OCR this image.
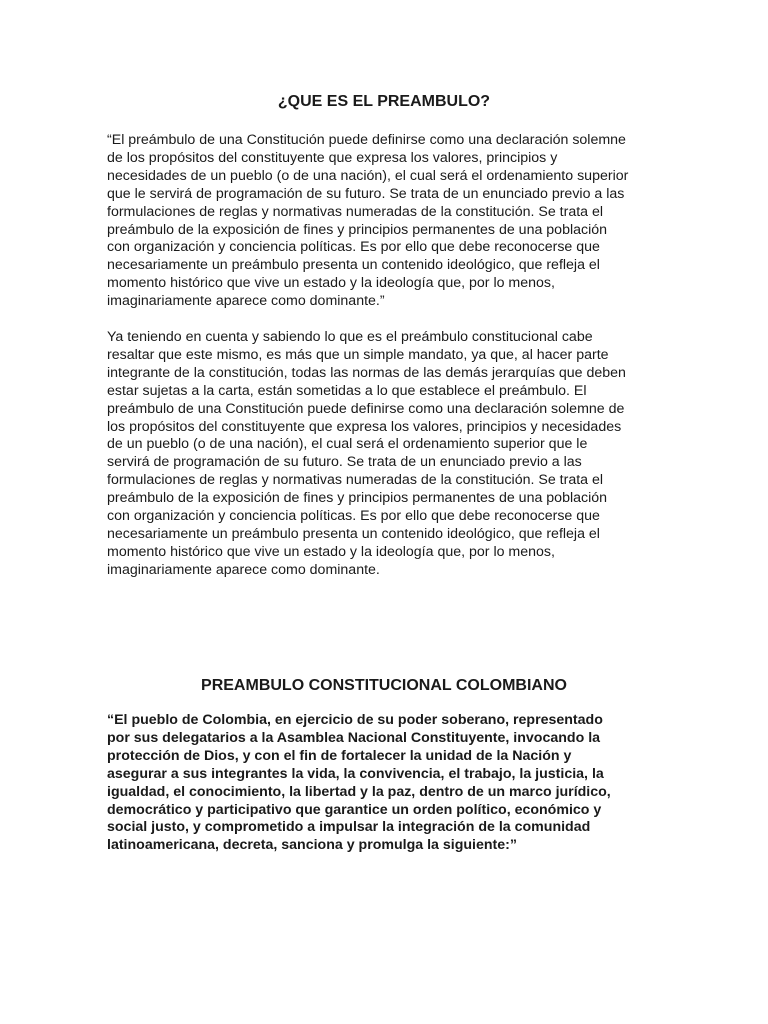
¿QUE ES EL PREAMBULO?

“El preámbulo de una Constitución puede definirse como una declaración solemne
de los propósitos del constituyente que expresa los valores, principios y
necesidades de un pueblo (o de una nación), el cual será el ordenamiento superior
que le servirá de programación de su futuro. Se trata de un enunciado previo a las
formulaciones de reglas y normativas numeradas de la constitución. Se trata el
preámbulo de la exposición de fines y principios permanentes de una población
con organización y conciencia políticas. Es por ello que debe reconocerse que
necesariamente un preámbulo presenta un contenido ideológico, que refleja el
momento histórico que vive un estado y la ideología que, por lo menos,
imaginariamente aparece como dominante.”

Ya teniendo en cuenta y sabiendo lo que es el preámbulo constitucional cabe
resaltar que este mismo, es más que un simple mandato, ya que, al hacer parte
integrante de la constitución, todas las normas de las demás jerarquías que deben
estar sujetas a la carta, están sometidas a lo que establece el preámbulo. El
preámbulo de una Constitución puede definirse como una declaración solemne de
los propósitos del constituyente que expresa los valores, principios y necesidades
de un pueblo (o de una nación), el cual será el ordenamiento superior que le
servirá de programación de su futuro. Se trata de un enunciado previo a las
formulaciones de reglas y normativas numeradas de la constitución. Se trata el
preámbulo de la exposición de fines y principios permanentes de una población
con organización y conciencia políticas. Es por ello que debe reconocerse que
necesariamente un preámbulo presenta un contenido ideológico, que refleja el
momento histórico que vive un estado y la ideología que, por lo menos,
imaginariamente aparece como dominante.

PREAMBULO CONSTITUCIONAL COLOMBIANO

“El pueblo de Colombia, en ejercicio de su poder soberano, representado
por sus delegatarios a la Asamblea Nacional Constituyente, invocando la
protección de Dios, y con el fin de fortalecer la unidad de la Nación y
asegurar a sus integrantes la vida, la convivencia, el trabajo, la justicia, la
igualdad, el conocimiento, la libertad y la paz, dentro de un marco jurídico,
democrático y participativo que garantice un orden político, económico y
social justo, y comprometido a impulsar la integración de la comunidad
latinoamericana, decreta, sanciona y promulga la siguiente:”
